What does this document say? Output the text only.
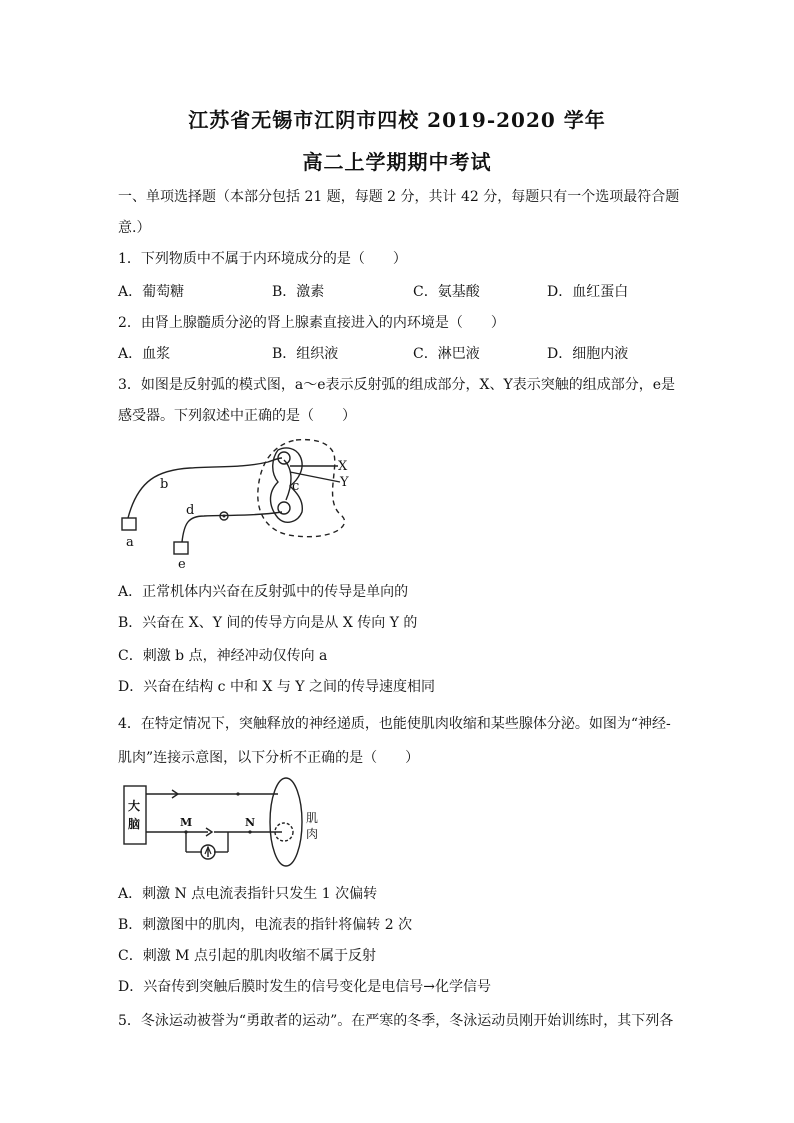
江苏省无锡市江阴市四校 2019-2020 学年
高二上学期期中考试
一、单项选择题（本部分包括 21 题，每题 2 分，共计 42 分，每题只有一个选项最符合题
意.）
1．下列物质中不属于内环境成分的是（　　）
A．葡萄糖	B．激素	C．氨基酸	D．血红蛋白
2．由肾上腺髓质分泌的肾上腺素直接进入的内环境是（　　）
A．血浆	B．组织液	C．淋巴液	D．细胞内液
3．如图是反射弧的模式图，a～e表示反射弧的组成部分，X、Y表示突触的组成部分，e是
感受器。下列叙述中正确的是（　　）
X
Y
b	c
d
a
e
A．正常机体内兴奋在反射弧中的传导是单向的
B．兴奋在 X、Y 间的传导方向是从 X 传向 Y 的
C．刺激 b 点，神经冲动仅传向 a
D．兴奋在结构 c 中和 X 与 Y 之间的传导速度相同
4．在特定情况下，突触释放的神经递质，也能使肌肉收缩和某些腺体分泌。如图为“神经-
肌肉”连接示意图，以下分析不正确的是（　　）
大
脑	肌
肉
M	N
A．刺激 N 点电流表指针只发生 1 次偏转
B．刺激图中的肌肉，电流表的指针将偏转 2 次
C．刺激 M 点引起的肌肉收缩不属于反射
D．兴奋传到突触后膜时发生的信号变化是电信号→化学信号
5．冬泳运动被誉为“勇敢者的运动”。在严寒的冬季，冬泳运动员刚开始训练时，其下列各
